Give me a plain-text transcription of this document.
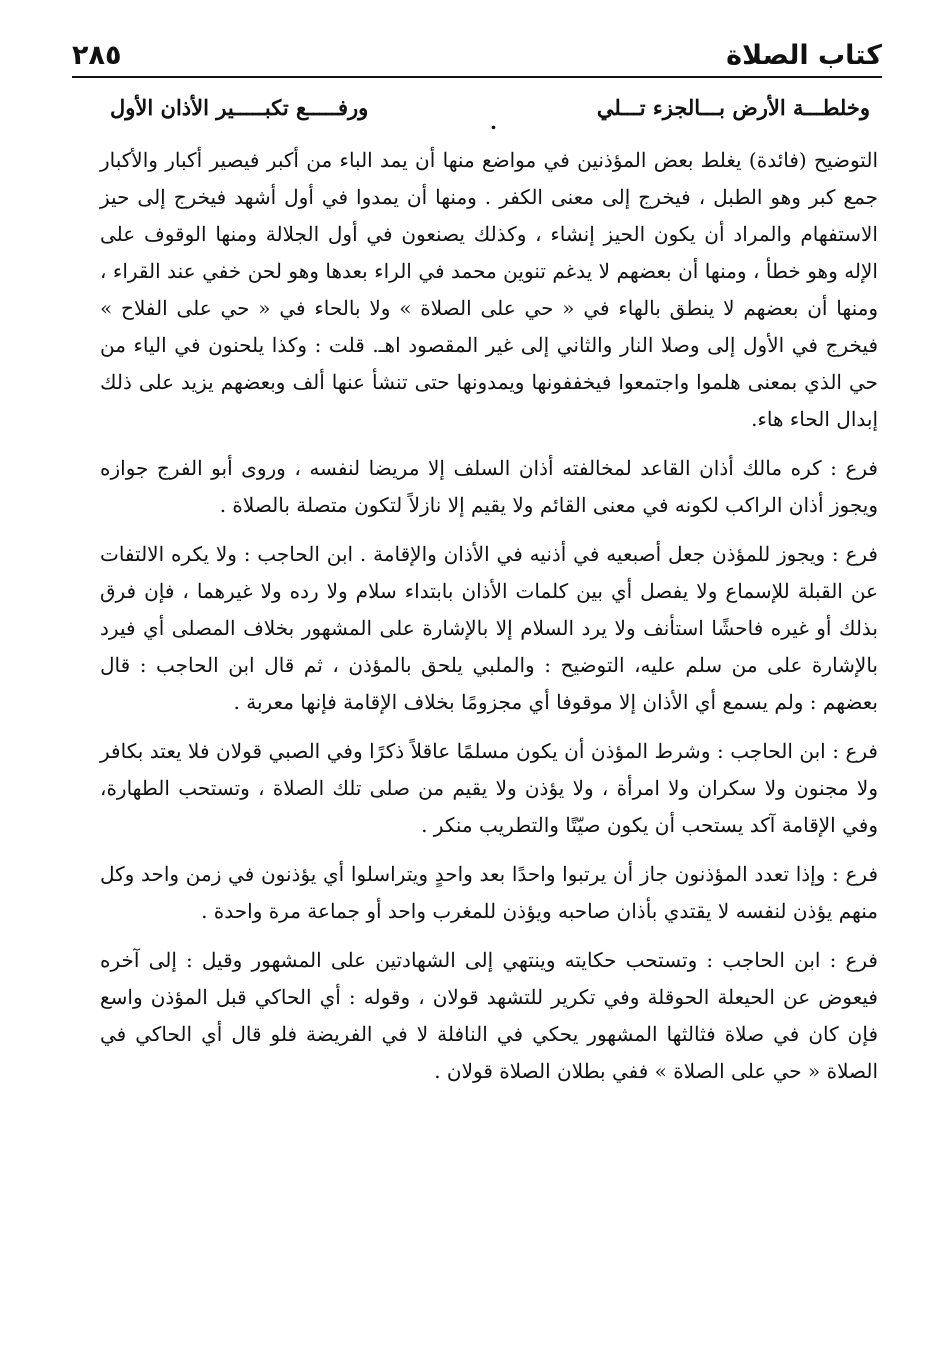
كتاب الصلاة
٢٨٥
وخلطـــة الأرض بـــالجزء تـــلي
.
ورفـــــع تكبـــــير الأذان الأول

التوضيح (فائدة) يغلط بعض المؤذنين في مواضع منها أن يمد الباء من أكبر فيصير أكبار والأكبار جمع كبر وهو الطبل ، فيخرج إلى معنى الكفر . ومنها أن يمدوا في أول أشهد فيخرج إلى حيز الاستفهام والمراد أن يكون الحيز إنشاء ، وكذلك يصنعون في أول الجلالة ومنها الوقوف على الإله وهو خطأ ، ومنها أن بعضهم لا يدغم تنوين محمد في الراء بعدها وهو لحن خفي عند القراء ، ومنها أن بعضهم لا ينطق بالهاء في « حي على الصلاة » ولا بالحاء في « حي على الفلاح » فيخرج في الأول إلى وصلا النار والثاني إلى غير المقصود اهـ. قلت : وكذا يلحنون في الياء من حي الذي بمعنى هلموا واجتمعوا فيخففونها ويمدونها حتى تنشأ عنها ألف وبعضهم يزيد على ذلك إبدال الحاء هاء.

فرع : كره مالك أذان القاعد لمخالفته أذان السلف إلا مريضا لنفسه ، وروى أبو الفرج جوازه ويجوز أذان الراكب لكونه في معنى القائم ولا يقيم إلا نازلاً لتكون متصلة بالصلاة .

فرع : ويجوز للمؤذن جعل أصبعيه في أذنيه في الأذان والإقامة . ابن الحاجب : ولا يكره الالتفات عن القبلة للإسماع ولا يفصل أي بين كلمات الأذان بابتداء سلام ولا رده ولا غيرهما ، فإن فرق بذلك أو غيره فاحشًا استأنف ولا يرد السلام إلا بالإشارة على المشهور بخلاف المصلى أي فيرد بالإشارة على من سلم عليه، التوضيح : والملبي يلحق بالمؤذن ، ثم قال ابن الحاجب : قال بعضهم : ولم يسمع أي الأذان إلا موقوفا أي مجزومًا بخلاف الإقامة فإنها معربة .

فرع : ابن الحاجب : وشرط المؤذن أن يكون مسلمًا عاقلاً ذكرًا وفي الصبي قولان فلا يعتد بكافر ولا مجنون ولا سكران ولا امرأة ، ولا يؤذن ولا يقيم من صلى تلك الصلاة ، وتستحب الطهارة، وفي الإقامة آكد يستحب أن يكون صيّتًا والتطريب منكر .

فرع : وإذا تعدد المؤذنون جاز أن يرتبوا واحدًا بعد واحدٍ ويتراسلوا أي يؤذنون في زمن واحد وكل منهم يؤذن لنفسه لا يقتدي بأذان صاحبه ويؤذن للمغرب واحد أو جماعة مرة واحدة .

فرع : ابن الحاجب : وتستحب حكايته وينتهي إلى الشهادتين على المشهور وقيل : إلى آخره فيعوض عن الحيعلة الحوقلة وفي تكرير للتشهد قولان ، وقوله : أي الحاكي قبل المؤذن واسع فإن كان في صلاة فثالثها المشهور يحكي في النافلة لا في الفريضة فلو قال أي الحاكي في الصلاة « حي على الصلاة » ففي بطلان الصلاة قولان .
